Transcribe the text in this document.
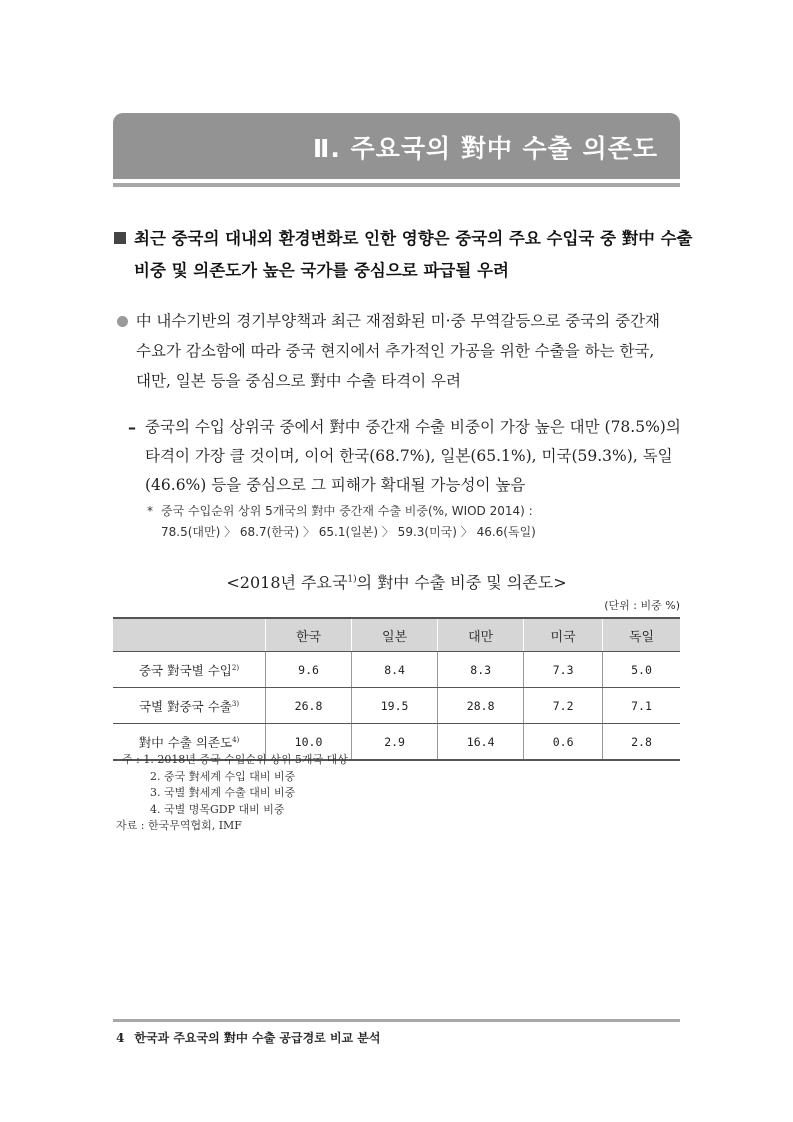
Ⅱ. 주요국의 對中 수출 의존도
최근 중국의 대내외 환경변화로 인한 영향은 중국의 주요 수입국 중 對中 수출
비중 및 의존도가 높은 국가를 중심으로 파급될 우려
中 내수기반의 경기부양책과 최근 재점화된 미·중 무역갈등으로 중국의 중간재
수요가 감소함에 따라 중국 현지에서 추가적인 가공을 위한 수출을 하는 한국,
대만, 일본 등을 중심으로 對中 수출 타격이 우려
– 중국의 수입 상위국 중에서 對中 중간재 수출 비중이 가장 높은 대만 (78.5%)의
타격이 가장 클 것이며, 이어 한국(68.7%), 일본(65.1%), 미국(59.3%), 독일
(46.6%) 등을 중심으로 그 피해가 확대될 가능성이 높음
* 중국 수입순위 상위 5개국의 對中 중간재 수출 비중(%, WIOD 2014) :
78.5(대만) 〉 68.7(한국) 〉 65.1(일본) 〉 59.3(미국) 〉 46.6(독일)
<2018년 주요국$^{1)}$의 對中 수출 비중 및 의존도>
(단위 : 비중 %)
	한국	일본	대만	미국	독일
중국 對국별 수입$^{2)}$	9.6	8.4	8.3	7.3	5.0
국별 對중국 수출$^{3)}$	26.8	19.5	28.8	7.2	7.1
對中 수출 의존도$^{4)}$	10.0	2.9	16.4	0.6	2.8
주 : 1. 2018년 중국 수입순위 상위 5개국 대상
2. 중국 對세계 수입 대비 비중
3. 국별 對세계 수출 대비 비중
4. 국별 명목GDP 대비 비중
자료 : 한국무역협회, IMF
4 한국과 주요국의 對中 수출 공급경로 비교 분석
